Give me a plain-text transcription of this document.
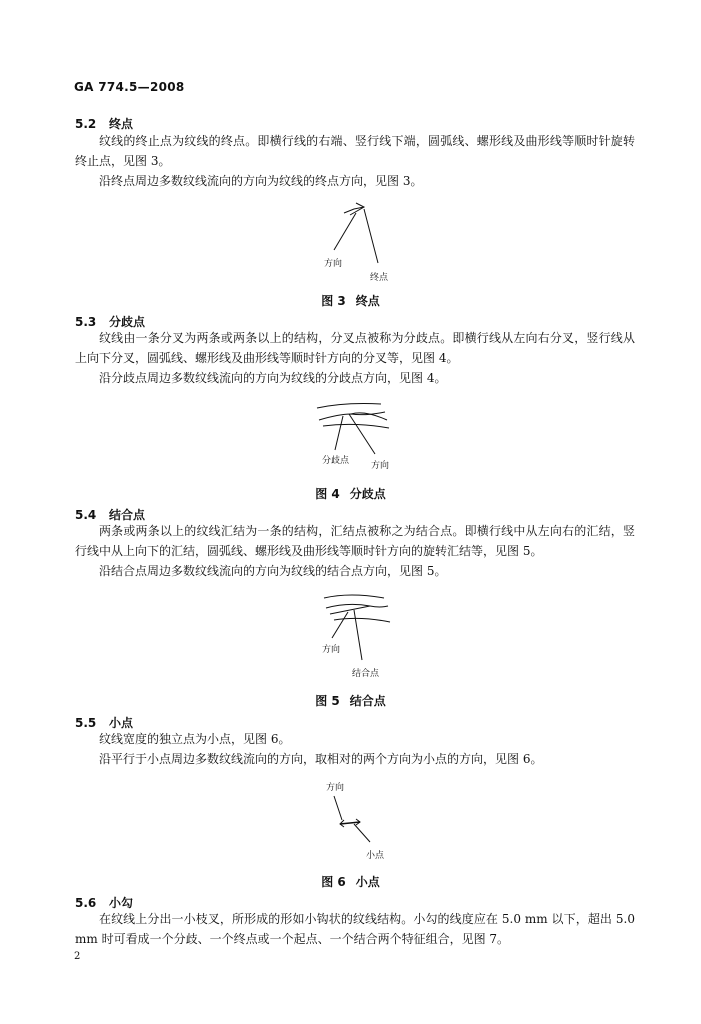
GA 774.5—2008
5.2 终点
纹线的终止点为纹线的终点。即横行线的右端、竖行线下端，圆弧线、螺形线及曲形线等顺时针旋转终止点，见图 3。
沿终点周边多数纹线流向的方向为纹线的终点方向，见图 3。
方向
终点
图 3 终点
5.3 分歧点
纹线由一条分叉为两条或两条以上的结构，分叉点被称为分歧点。即横行线从左向右分叉，竖行线从上向下分叉，圆弧线、螺形线及曲形线等顺时针方向的分叉等，见图 4。
沿分歧点周边多数纹线流向的方向为纹线的分歧点方向，见图 4。
分歧点 方向
图 4 分歧点
5.4 结合点
两条或两条以上的纹线汇结为一条的结构，汇结点被称之为结合点。即横行线中从左向右的汇结，竖行线中从上向下的汇结，圆弧线、螺形线及曲形线等顺时针方向的旋转汇结等，见图 5。
沿结合点周边多数纹线流向的方向为纹线的结合点方向，见图 5。
方向
结合点
图 5 结合点
5.5 小点
纹线宽度的独立点为小点，见图 6。
沿平行于小点周边多数纹线流向的方向，取相对的两个方向为小点的方向，见图 6。
方向
小点
图 6 小点
5.6 小勾
在纹线上分出一小枝叉，所形成的形如小钩状的纹线结构。小勾的线度应在 5.0 mm 以下，超出 5.0 mm 时可看成一个分歧、一个终点或一个起点、一个结合两个特征组合，见图 7。
2
